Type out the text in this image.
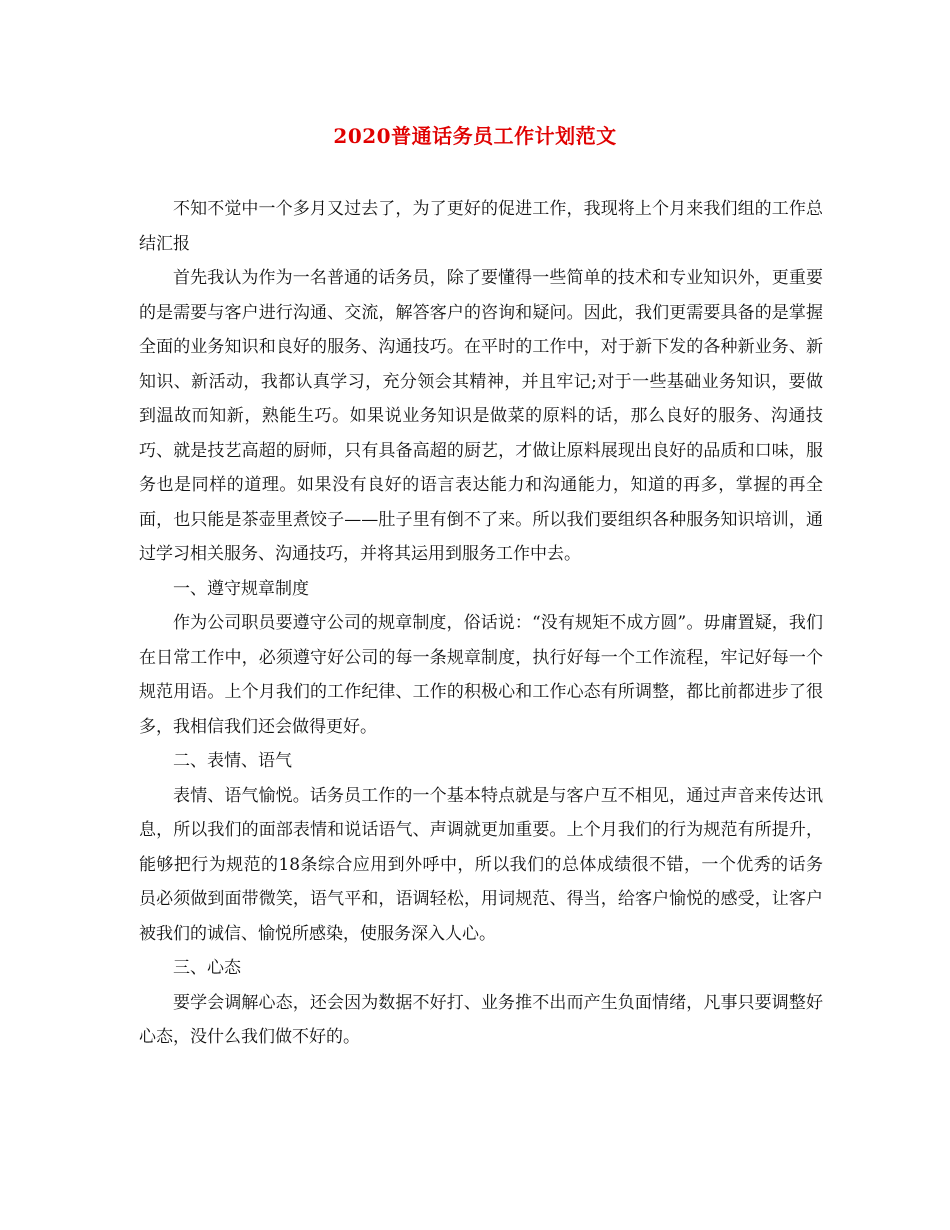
2020普通话务员工作计划范文

不知不觉中一个多月又过去了，为了更好的促进工作，我现将上个月来我们组的工作总结汇报

首先我认为作为一名普通的话务员，除了要懂得一些简单的技术和专业知识外，更重要的是需要与客户进行沟通、交流，解答客户的咨询和疑问。因此，我们更需要具备的是掌握全面的业务知识和良好的服务、沟通技巧。在平时的工作中，对于新下发的各种新业务、新知识、新活动，我都认真学习，充分领会其精神，并且牢记;对于一些基础业务知识，要做到温故而知新，熟能生巧。如果说业务知识是做菜的原料的话，那么良好的服务、沟通技巧、就是技艺高超的厨师，只有具备高超的厨艺，才做让原料展现出良好的品质和口味，服务也是同样的道理。如果没有良好的语言表达能力和沟通能力，知道的再多，掌握的再全面，也只能是茶壶里煮饺子——肚子里有倒不了来。所以我们要组织各种服务知识培训，通过学习相关服务、沟通技巧，并将其运用到服务工作中去。

一、遵守规章制度

作为公司职员要遵守公司的规章制度，俗话说：“没有规矩不成方圆”。毋庸置疑，我们在日常工作中，必须遵守好公司的每一条规章制度，执行好每一个工作流程，牢记好每一个规范用语。上个月我们的工作纪律、工作的积极心和工作心态有所调整，都比前都进步了很多，我相信我们还会做得更好。

二、表情、语气

表情、语气愉悦。话务员工作的一个基本特点就是与客户互不相见，通过声音来传达讯息，所以我们的面部表情和说话语气、声调就更加重要。上个月我们的行为规范有所提升，能够把行为规范的18条综合应用到外呼中，所以我们的总体成绩很不错，一个优秀的话务员必须做到面带微笑，语气平和，语调轻松，用词规范、得当，给客户愉悦的感受，让客户被我们的诚信、愉悦所感染，使服务深入人心。

三、心态

要学会调解心态，还会因为数据不好打、业务推不出而产生负面情绪，凡事只要调整好心态，没什么我们做不好的。
